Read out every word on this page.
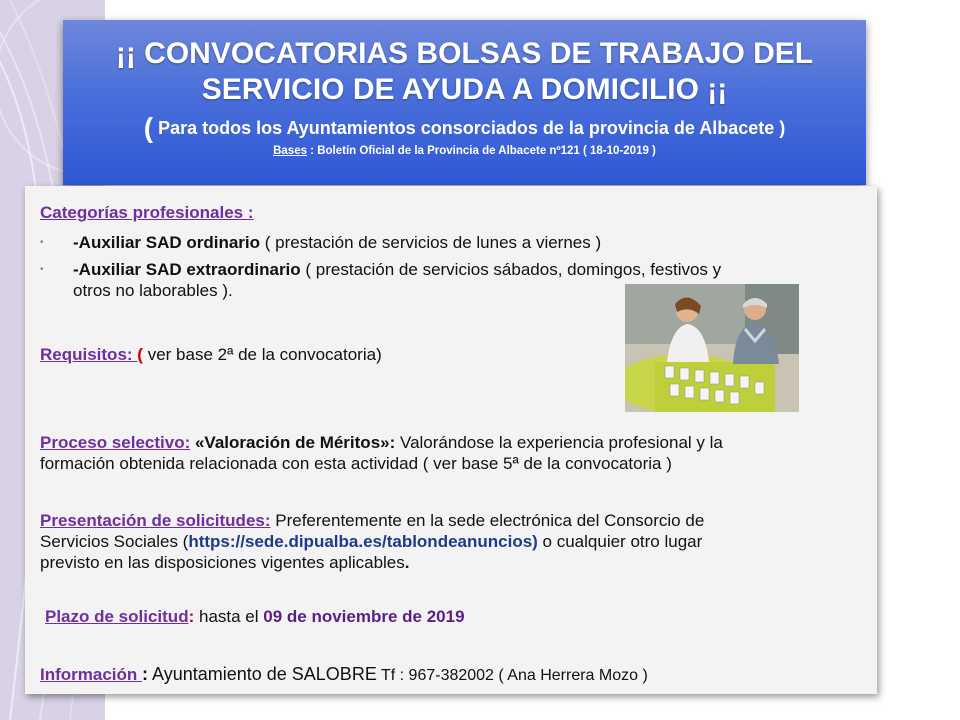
¡¡ CONVOCATORIAS BOLSAS DE TRABAJO DEL
SERVICIO DE AYUDA A DOMICILIO ¡¡
( Para todos los Ayuntamientos consorciados de la provincia de Albacete )
Bases : Boletín Oficial de la Provincia de Albacete nº121 ( 18-10-2019 )
Categorías profesionales :
• -Auxiliar SAD ordinario ( prestación de servicios de lunes a viernes )
• -Auxiliar SAD extraordinario ( prestación de servicios sábados, domingos, festivos y
otros no laborables ).
Requisitos: ( ver base 2ª de la convocatoria)
Proceso selectivo: «Valoración de Méritos»: Valorándose la experiencia profesional y la
formación obtenida relacionada con esta actividad ( ver base 5ª de la convocatoria )
Presentación de solicitudes: Preferentemente en la sede electrónica del Consorcio de
Servicios Sociales (https://sede.dipualba.es/tablondeanuncios) o cualquier otro lugar
previsto en las disposiciones vigentes aplicables.
Plazo de solicitud: hasta el 09 de noviembre de 2019
Información : Ayuntamiento de SALOBRE Tf : 967-382002 ( Ana Herrera Mozo )
